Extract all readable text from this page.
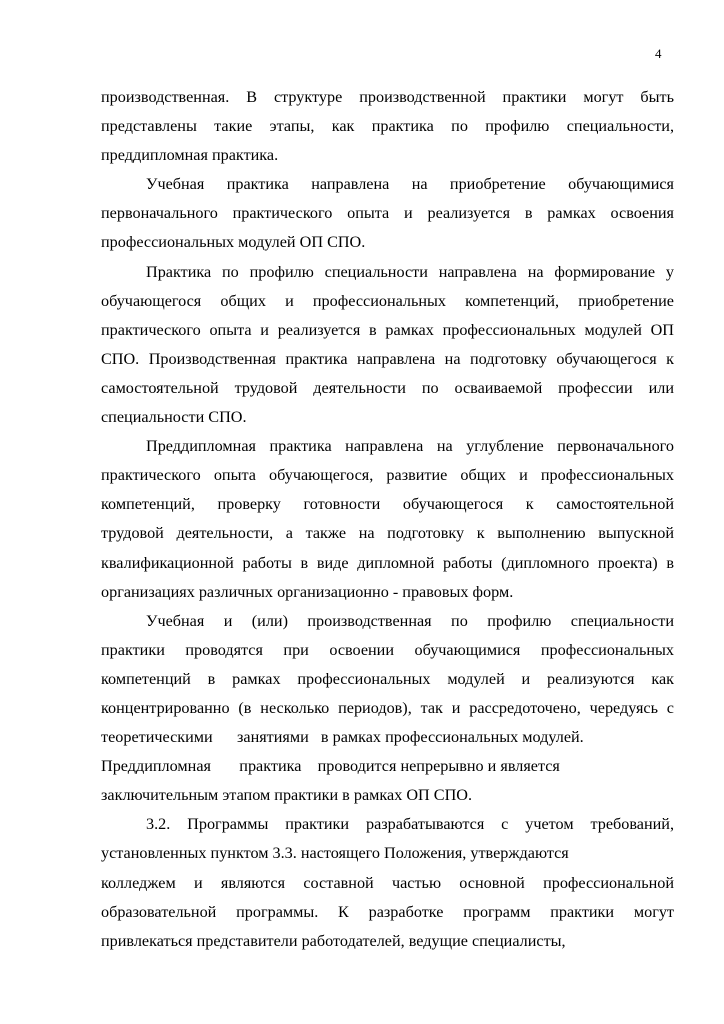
4
производственная. В структуре производственной практики могут быть
представлены такие этапы, как практика по профилю специальности,
преддипломная практика.
Учебная практика направлена на приобретение обучающимися
первоначального практического опыта и реализуется в рамках освоения
профессиональных модулей ОП СПО.
Практика по профилю специальности направлена на формирование у
обучающегося общих и профессиональных компетенций, приобретение
практического опыта и реализуется в рамках профессиональных модулей ОП
СПО. Производственная практика направлена на подготовку обучающегося к
самостоятельной трудовой деятельности по осваиваемой профессии или
специальности СПО.
Преддипломная практика направлена на углубление первоначального
практического опыта обучающегося, развитие общих и профессиональных
компетенций, проверку готовности обучающегося к самостоятельной
трудовой деятельности, а также на подготовку к выполнению выпускной
квалификационной работы в виде дипломной работы (дипломного проекта) в
организациях различных организационно - правовых форм.
Учебная и (или) производственная по профилю специальности
практики проводятся при освоении обучающимися профессиональных
компетенций в рамках профессиональных модулей и реализуются как
концентрированно (в несколько периодов), так и рассредоточено, чередуясь с
теоретическими      занятиями   в рамках профессиональных модулей.
Преддипломная       практика    проводится непрерывно и является
заключительным этапом практики в рамках ОП СПО.
3.2. Программы практики разрабатываются с учетом требований,
установленных пунктом 3.3. настоящего Положения, утверждаются
колледжем и являются составной частью основной профессиональной
образовательной программы. К разработке программ практики могут
привлекаться представители работодателей, ведущие специалисты,
